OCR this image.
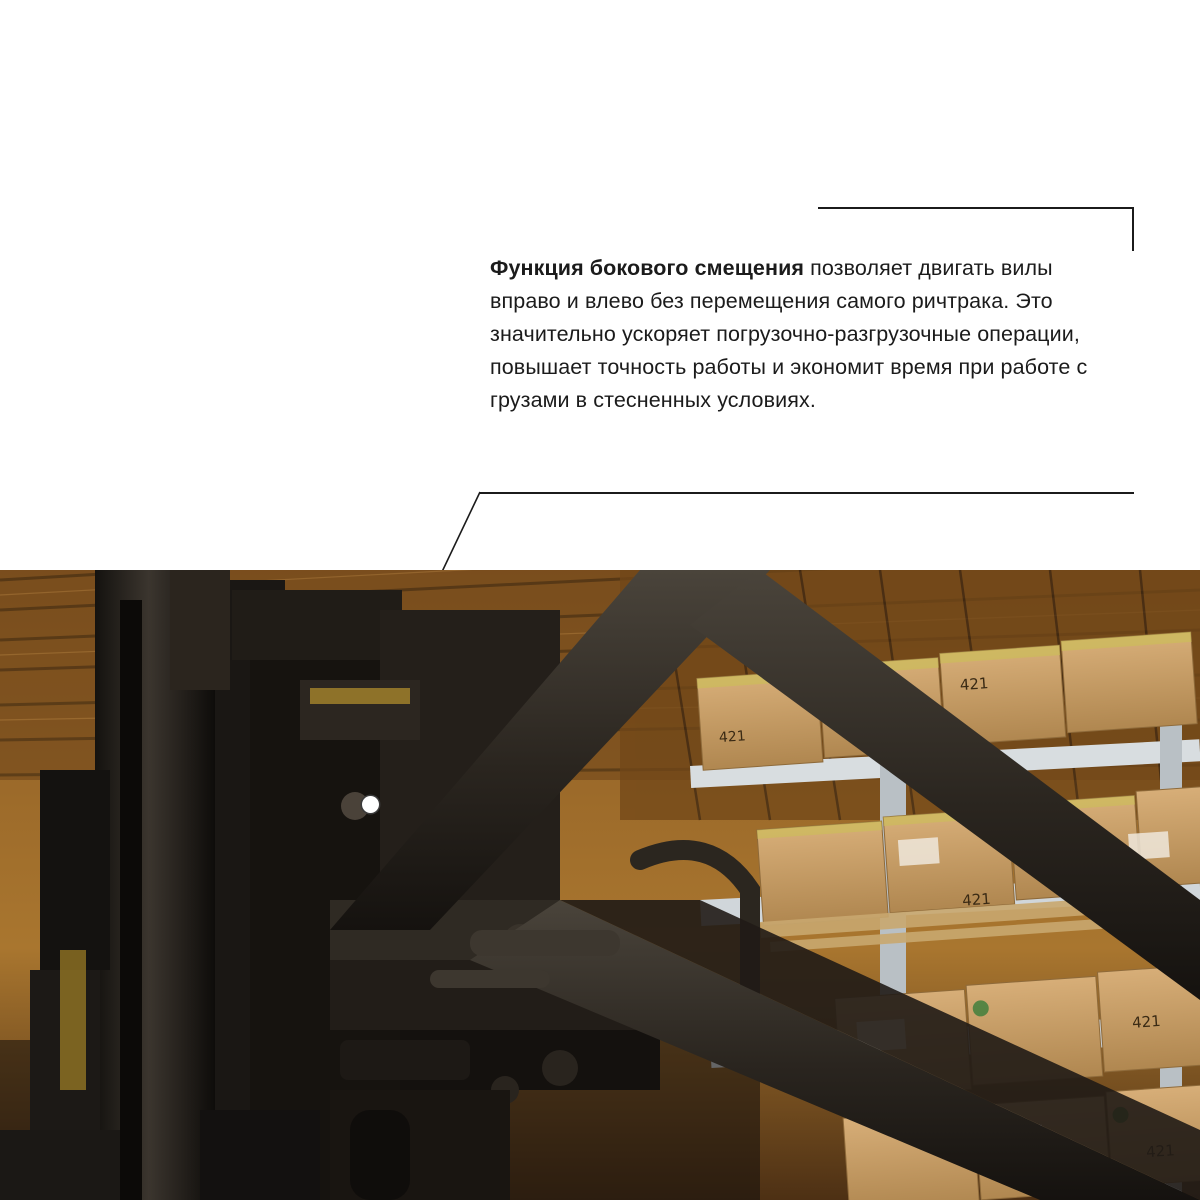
Функция бокового смещения позволяет двигать вилы вправо и влево без перемещения самого ричтрака. Это значительно ускоряет погрузочно-разгрузочные операции, повышает точность работы и экономит время при работе с грузами в стесненных условиях.

421
421
421
421
